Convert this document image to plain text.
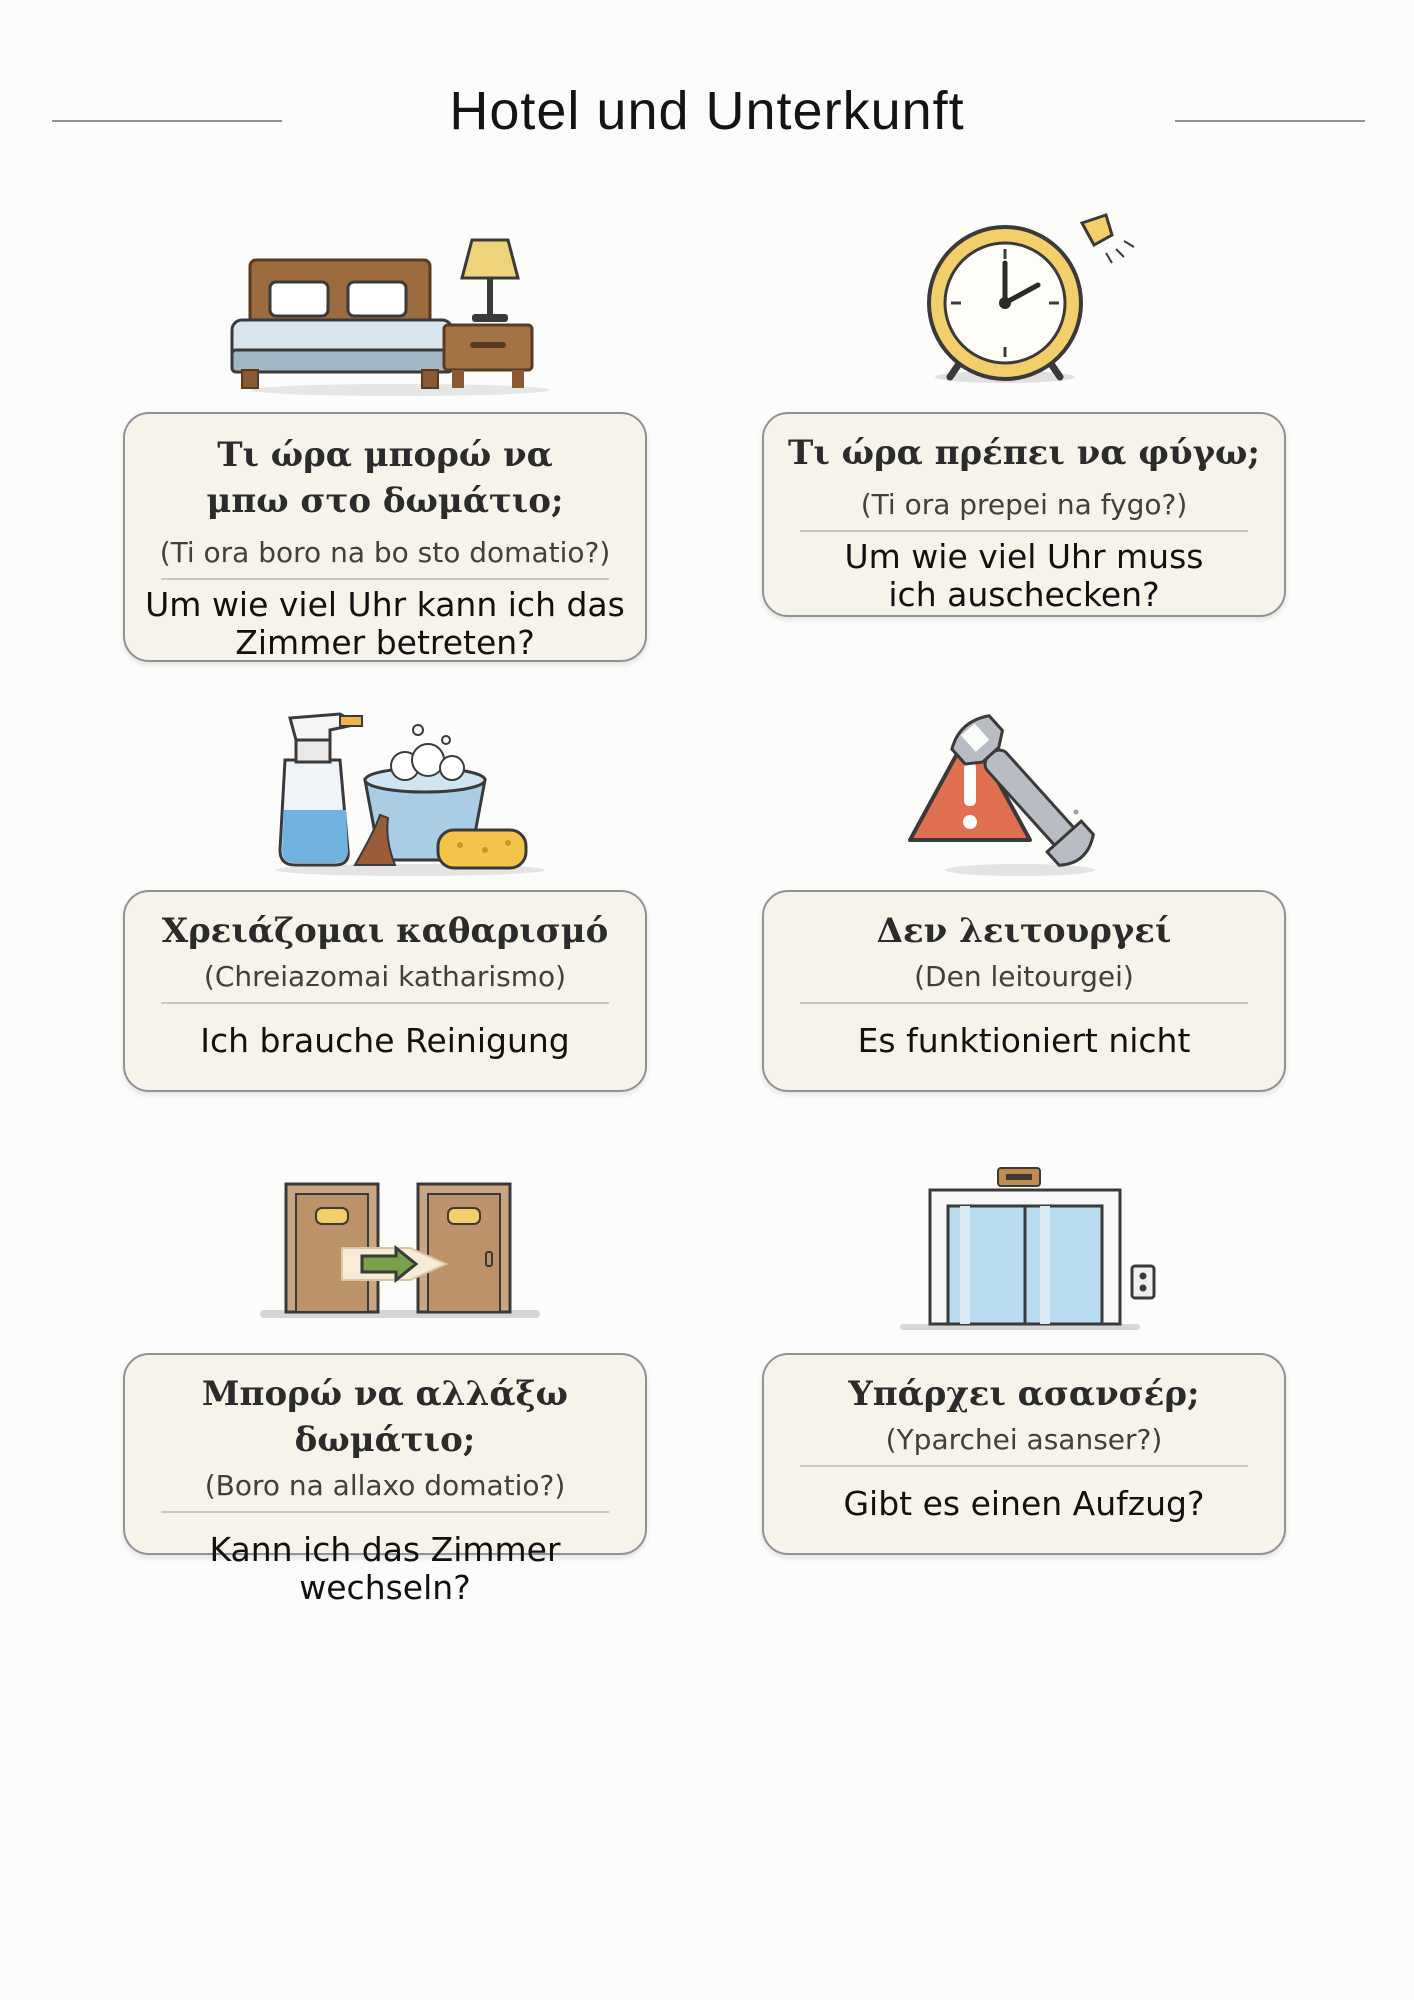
Hotel und Unterkunft
Τι ώρα μπορώ να μπω στο δωμάτιο;
(Ti ora boro na bo sto domatio?)
Um wie viel Uhr kann ich das Zimmer betreten?
Τι ώρα πρέπει να φύγω;
(Ti ora prepei na fygo?)
Um wie viel Uhr muss ich auschecken?
Χρειάζομαι καθαρισμό
(Chreiazomai katharismo)
Ich brauche Reinigung
Δεν λειτουργεί
(Den leitourgei)
Es funktioniert nicht
Μπορώ να αλλάξω δωμάτιο;
(Boro na allaxo domatio?)
Kann ich das Zimmer wechseln?
Υπάρχει ασανσέρ;
(Yparchei asanser?)
Gibt es einen Aufzug?
